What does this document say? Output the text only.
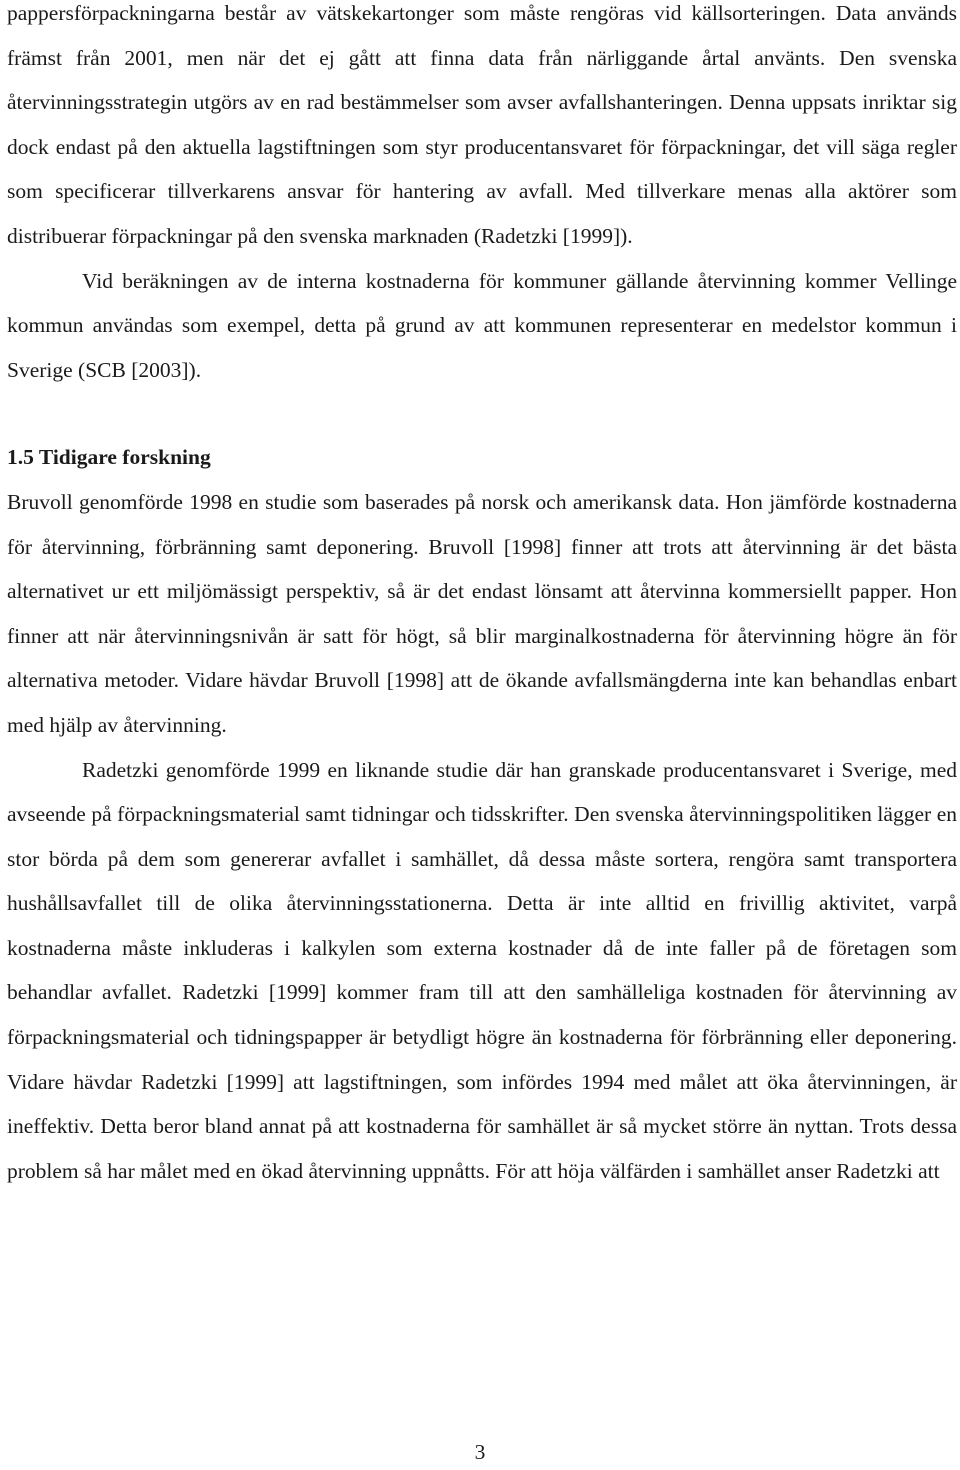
pappersförpackningarna består av vätskekartonger som måste rengöras vid källsorteringen. Data används främst från 2001, men när det ej gått att finna data från närliggande årtal använts. Den svenska återvinningsstrategin utgörs av en rad bestämmelser som avser avfallshanteringen. Denna uppsats inriktar sig dock endast på den aktuella lagstiftningen som styr producentansvaret för förpackningar, det vill säga regler som specificerar tillverkarens ansvar för hantering av avfall. Med tillverkare menas alla aktörer som distribuerar förpackningar på den svenska marknaden (Radetzki [1999]).

Vid beräkningen av de interna kostnaderna för kommuner gällande återvinning kommer Vellinge kommun användas som exempel, detta på grund av att kommunen representerar en medelstor kommun i Sverige (SCB [2003]).

1.5 Tidigare forskning

Bruvoll genomförde 1998 en studie som baserades på norsk och amerikansk data. Hon jämförde kostnaderna för återvinning, förbränning samt deponering. Bruvoll [1998] finner att trots att återvinning är det bästa alternativet ur ett miljömässigt perspektiv, så är det endast lönsamt att återvinna kommersiellt papper. Hon finner att när återvinningsnivån är satt för högt, så blir marginalkostnaderna för återvinning högre än för alternativa metoder. Vidare hävdar Bruvoll [1998] att de ökande avfallsmängderna inte kan behandlas enbart med hjälp av återvinning.

Radetzki genomförde 1999 en liknande studie där han granskade producentansvaret i Sverige, med avseende på förpackningsmaterial samt tidningar och tidsskrifter. Den svenska återvinningspolitiken lägger en stor börda på dem som genererar avfallet i samhället, då dessa måste sortera, rengöra samt transportera hushållsavfallet till de olika återvinningsstationerna. Detta är inte alltid en frivillig aktivitet, varpå kostnaderna måste inkluderas i kalkylen som externa kostnader då de inte faller på de företagen som behandlar avfallet. Radetzki [1999] kommer fram till att den samhälleliga kostnaden för återvinning av förpackningsmaterial och tidningspapper är betydligt högre än kostnaderna för förbränning eller deponering. Vidare hävdar Radetzki [1999] att lagstiftningen, som infördes 1994 med målet att öka återvinningen, är ineffektiv. Detta beror bland annat på att kostnaderna för samhället är så mycket större än nyttan. Trots dessa problem så har målet med en ökad återvinning uppnåtts. För att höja välfärden i samhället anser Radetzki att

3
